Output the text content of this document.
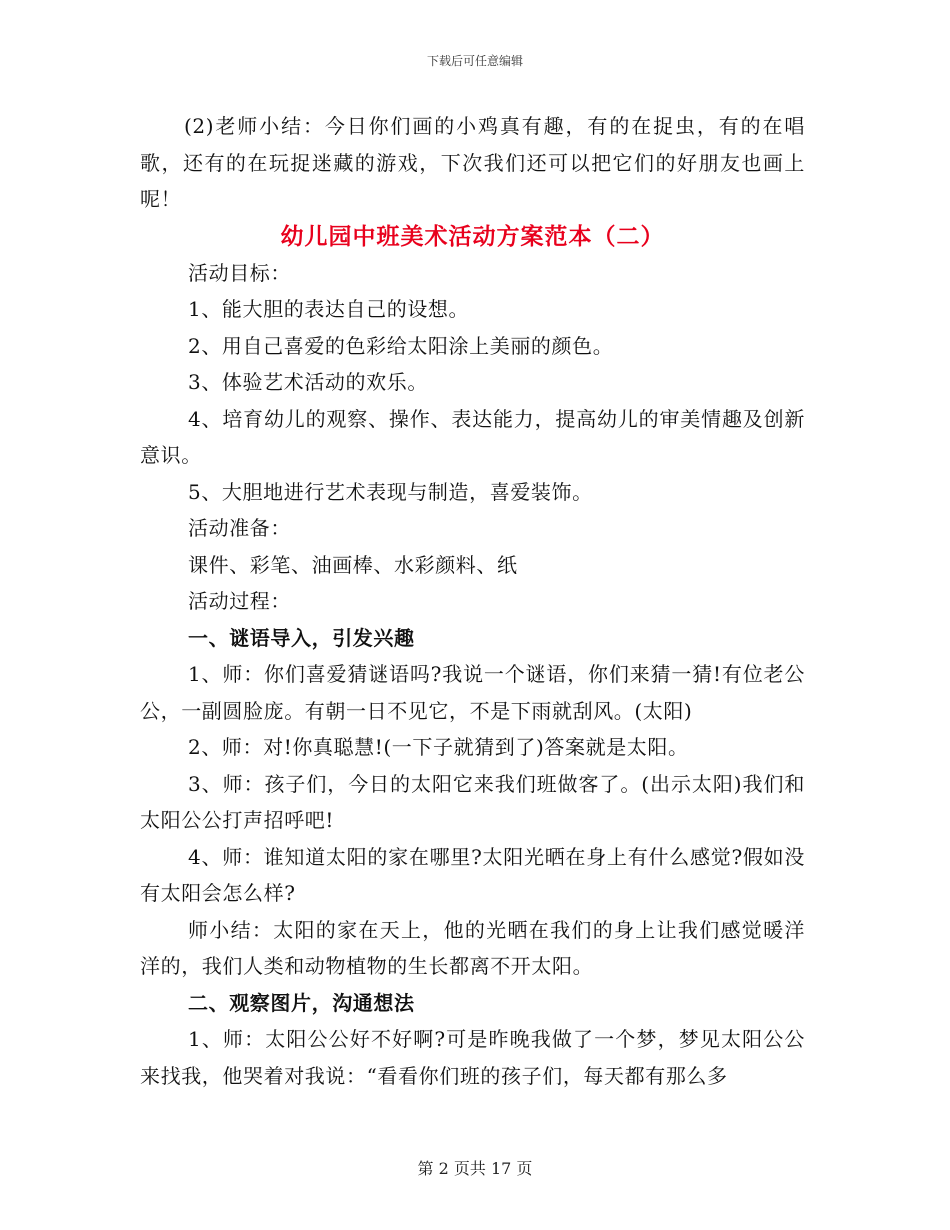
下载后可任意编辑

(2)老师小结：今日你们画的小鸡真有趣，有的在捉虫，有的在唱歌，还有的在玩捉迷藏的游戏，下次我们还可以把它们的好朋友也画上呢！

幼儿园中班美术活动方案范本（二）

活动目标：

1、能大胆的表达自己的设想。

2、用自己喜爱的色彩给太阳涂上美丽的颜色。

3、体验艺术活动的欢乐。

4、培育幼儿的观察、操作、表达能力，提高幼儿的审美情趣及创新意识。

5、大胆地进行艺术表现与制造，喜爱装饰。

活动准备：

课件、彩笔、油画棒、水彩颜料、纸

活动过程：

一、谜语导入，引发兴趣

1、师：你们喜爱猜谜语吗?我说一个谜语，你们来猜一猜!有位老公公，一副圆脸庞。有朝一日不见它，不是下雨就刮风。(太阳)

2、师：对!你真聪慧!(一下子就猜到了)答案就是太阳。

3、师：孩子们，今日的太阳它来我们班做客了。(出示太阳)我们和太阳公公打声招呼吧!

4、师：谁知道太阳的家在哪里?太阳光晒在身上有什么感觉?假如没有太阳会怎么样?

师小结：太阳的家在天上，他的光晒在我们的身上让我们感觉暖洋洋的，我们人类和动物植物的生长都离不开太阳。

二、观察图片，沟通想法

1、师：太阳公公好不好啊?可是昨晚我做了一个梦，梦见太阳公公来找我，他哭着对我说：“看看你们班的孩子们，每天都有那么多

第 2 页共 17 页
